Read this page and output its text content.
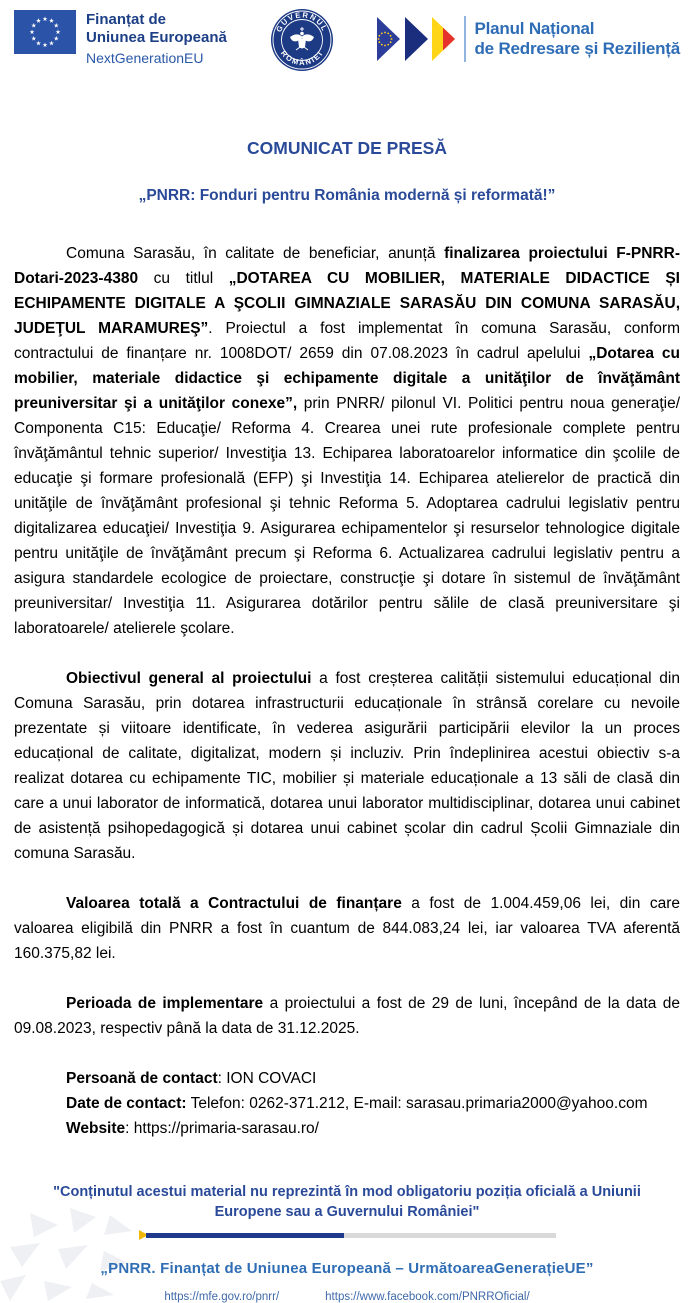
Finanțat de
Uniunea Europeană
NextGenerationEU
GUVERNUL
ROMÂNIEI
Planul Național
de Redresare și Reziliență
COMUNICAT DE PRESĂ
„PNRR: Fonduri pentru România modernă și reformată!”

Comuna Sarasău, în calitate de beneficiar, anunță finalizarea proiectului F-PNRR-Dotari-2023-4380 cu titlul „DOTAREA CU MOBILIER, MATERIALE DIDACTICE ȘI ECHIPAMENTE DIGITALE A ŞCOLII GIMNAZIALE SARASĂU DIN COMUNA SARASĂU, JUDEŢUL MARAMUREŞ”. Proiectul a fost implementat în comuna Sarasău, conform contractului de finanțare nr. 1008DOT/ 2659 din 07.08.2023 în cadrul apelului „Dotarea cu mobilier, materiale didactice şi echipamente digitale a unităţilor de învăţământ preuniversitar şi a unităţilor conexe”, prin PNRR/ pilonul VI. Politici pentru noua generaţie/ Componenta C15: Educaţie/ Reforma 4. Crearea unei rute profesionale complete pentru învăţământul tehnic superior/ Investiţia 13. Echiparea laboratoarelor informatice din şcolile de educaţie şi formare profesională (EFP) şi Investiţia 14. Echiparea atelierelor de practică din unităţile de învăţământ profesional şi tehnic Reforma 5. Adoptarea cadrului legislativ pentru digitalizarea educaţiei/ Investiţia 9. Asigurarea echipamentelor şi resurselor tehnologice digitale pentru unităţile de învăţământ precum şi Reforma 6. Actualizarea cadrului legislativ pentru a asigura standardele ecologice de proiectare, construcţie şi dotare în sistemul de învăţământ preuniversitar/ Investiţia 11. Asigurarea dotărilor pentru sălile de clasă preuniversitare şi laboratoarele/ atelierele şcolare.

Obiectivul general al proiectului a fost creșterea calității sistemului educațional din Comuna Sarasău, prin dotarea infrastructurii educaționale în strânsă corelare cu nevoile prezentate și viitoare identificate, în vederea asigurării participării elevilor la un proces educațional de calitate, digitalizat, modern și incluziv. Prin îndeplinirea acestui obiectiv s-a realizat dotarea cu echipamente TIC, mobilier și materiale educaționale a 13 săli de clasă din care a unui laborator de informatică, dotarea unui laborator multidisciplinar, dotarea unui cabinet de asistență psihopedagogică și dotarea unui cabinet școlar din cadrul Școlii Gimnaziale din comuna Sarasău.

Valoarea totală a Contractului de finanțare a fost de 1.004.459,06 lei, din care valoarea eligibilă din PNRR a fost în cuantum de 844.083,24 lei, iar valoarea TVA aferentă 160.375,82 lei.

Perioada de implementare a proiectului a fost de 29 de luni, începând de la data de 09.08.2023, respectiv până la data de 31.12.2025.

Persoană de contact: ION COVACI
Date de contact: Telefon: 0262-371.212, E-mail: sarasau.primaria2000@yahoo.com
Website: https://primaria-sarasau.ro/
"Conținutul acestui material nu reprezintă în mod obligatoriu poziția oficială a Uniunii Europene sau a Guvernului României"
„PNRR. Finanțat de Uniunea Europeană – UrmătoareaGenerațieUE”
https://mfe.gov.ro/pnrr/	https://www.facebook.com/PNRROficial/
